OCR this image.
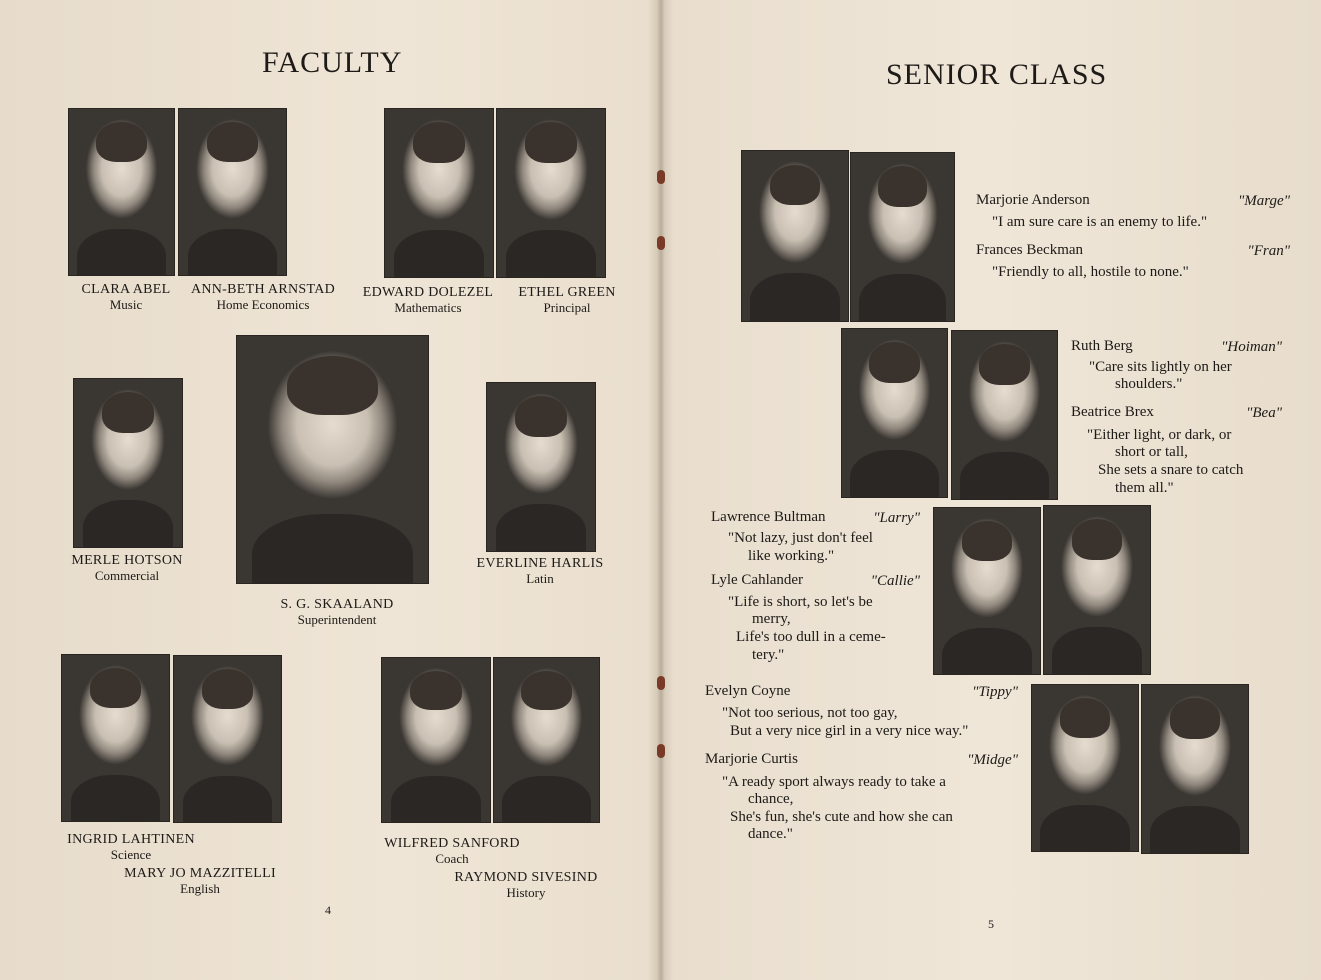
FACULTY
CLARA ABEL
Music
ANN-BETH ARNSTAD
Home Economics
EDWARD DOLEZEL
Mathematics
ETHEL GREEN
Principal
MERLE HOTSON
Commercial
S. G. SKAALAND
Superintendent
EVERLINE HARLIS
Latin
INGRID LAHTINEN
Science
MARY JO MAZZITELLI
English
WILFRED SANFORD
Coach
RAYMOND SIVESIND
History
4
SENIOR CLASS
Marjorie Anderson	"Marge"
"I am sure care is an enemy to life."
Frances Beckman	"Fran"
"Friendly to all, hostile to none."
Ruth Berg	"Hoiman"
"Care sits lightly on her
shoulders."
Beatrice Brex	"Bea"
"Either light, or dark, or
short or tall,
She sets a snare to catch
them all."
Lawrence Bultman	"Larry"
"Not lazy, just don't feel
like working."
Lyle Cahlander	"Callie"
"Life is short, so let's be
merry,
Life's too dull in a ceme-
tery."
Evelyn Coyne	"Tippy"
"Not too serious, not too gay,
But a very nice girl in a very nice way."
Marjorie Curtis	"Midge"
"A ready sport always ready to take a
chance,
She's fun, she's cute and how she can
dance."
5
